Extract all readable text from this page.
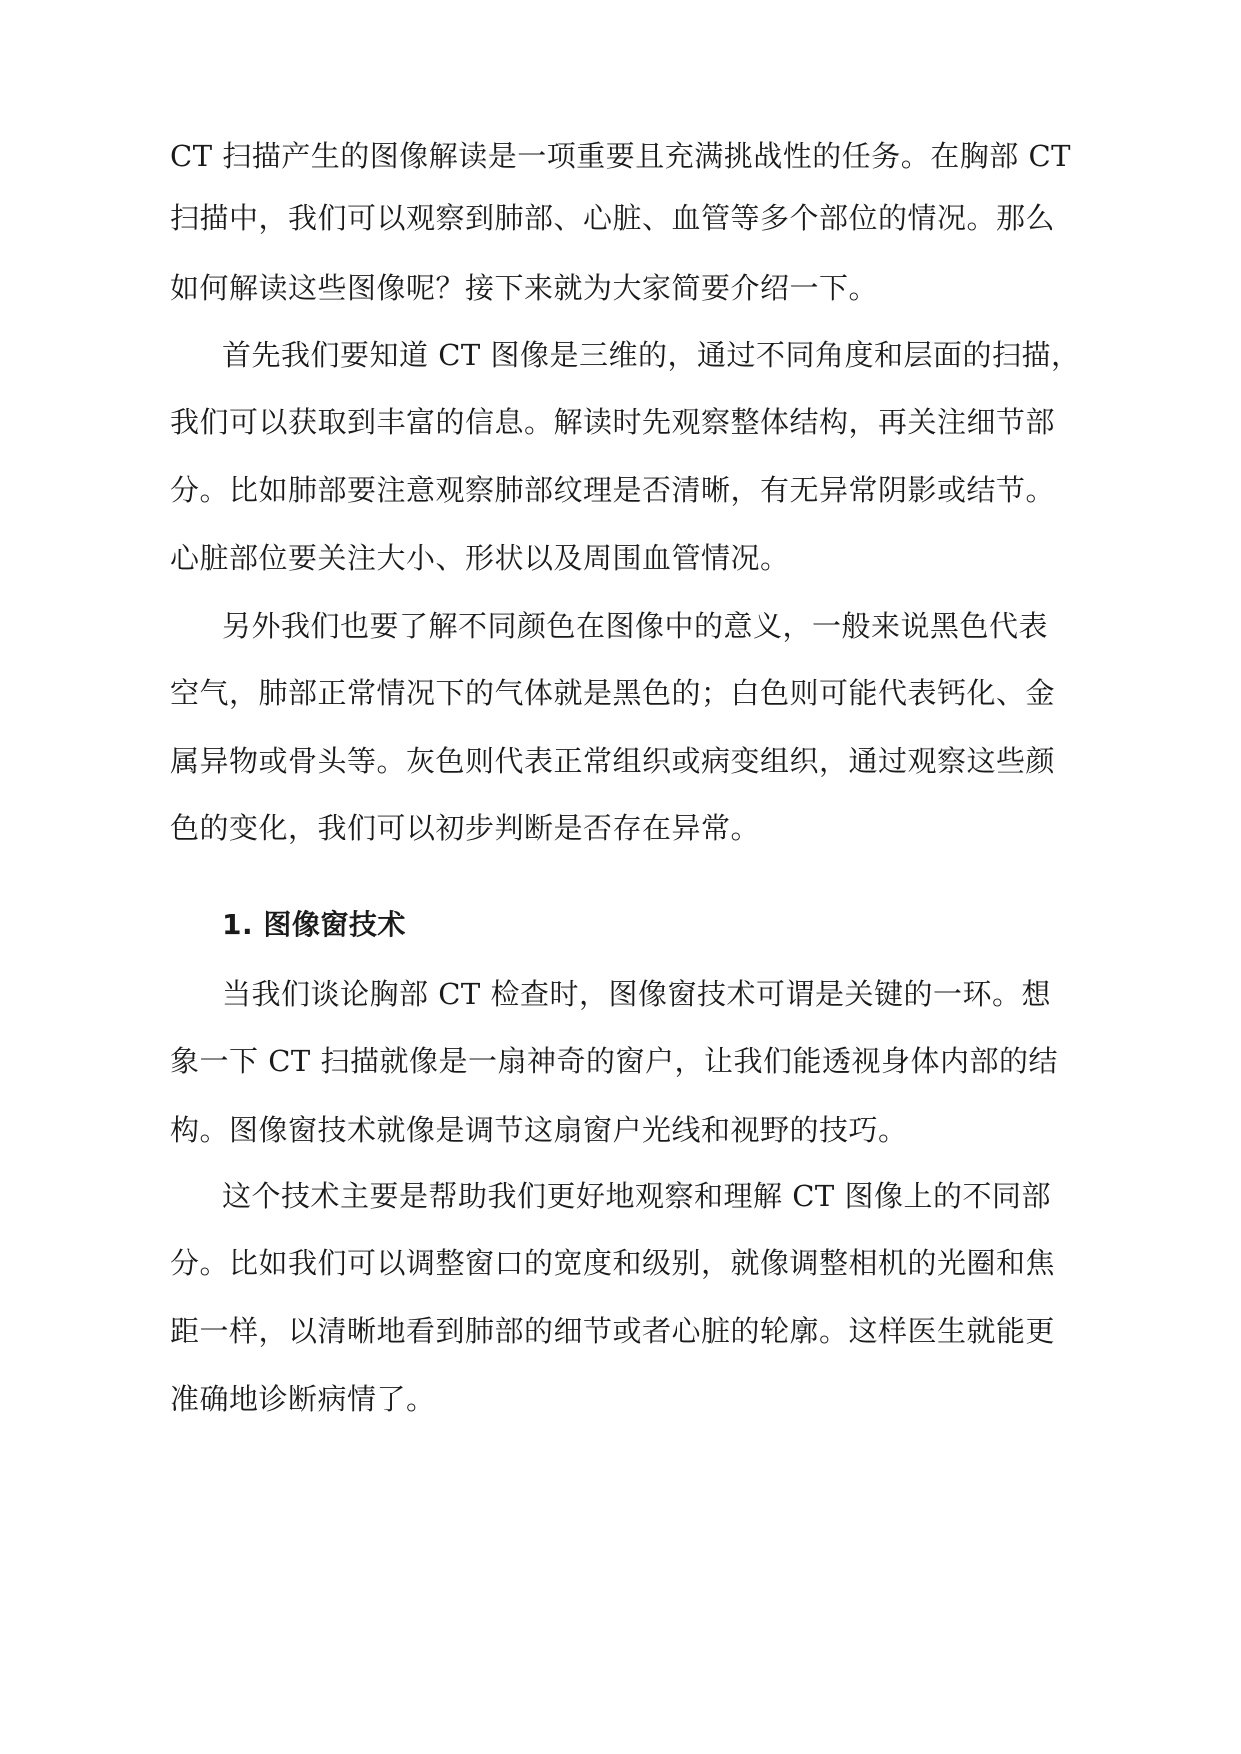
CT 扫描产生的图像解读是一项重要且充满挑战性的任务。在胸部 CT
扫描中，我们可以观察到肺部、心脏、血管等多个部位的情况。那么
如何解读这些图像呢？接下来就为大家简要介绍一下。
首先我们要知道 CT 图像是三维的，通过不同角度和层面的扫描，
我们可以获取到丰富的信息。解读时先观察整体结构，再关注细节部
分。比如肺部要注意观察肺部纹理是否清晰，有无异常阴影或结节。
心脏部位要关注大小、形状以及周围血管情况。
另外我们也要了解不同颜色在图像中的意义，一般来说黑色代表
空气，肺部正常情况下的气体就是黑色的；白色则可能代表钙化、金
属异物或骨头等。灰色则代表正常组织或病变组织，通过观察这些颜
色的变化，我们可以初步判断是否存在异常。
1. 图像窗技术
当我们谈论胸部 CT 检查时，图像窗技术可谓是关键的一环。想
象一下 CT 扫描就像是一扇神奇的窗户，让我们能透视身体内部的结
构。图像窗技术就像是调节这扇窗户光线和视野的技巧。
这个技术主要是帮助我们更好地观察和理解 CT 图像上的不同部
分。比如我们可以调整窗口的宽度和级别，就像调整相机的光圈和焦
距一样，以清晰地看到肺部的细节或者心脏的轮廓。这样医生就能更
准确地诊断病情了。
